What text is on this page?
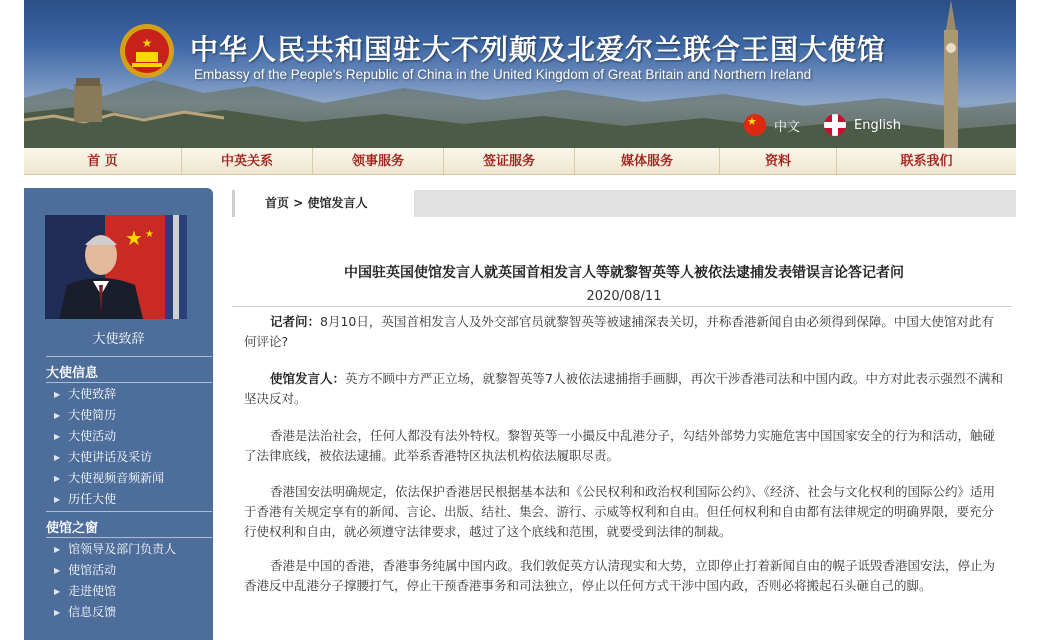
★ 中华人民共和国驻大不列颠及北爱尔兰联合王国大使馆
Embassy of the People's Republic of China in the United Kingdom of Great Britain and Northern Ireland
★
中文	English
首 页	中英关系	领事服务	签证服务	媒体服务	资料	联系我们
★ ★
大使致辞
大使信息
▶ 大使致辞
▶ 大使简历
▶ 大使活动
▶ 大使讲话及采访
▶ 大使视频音频新闻
▶ 历任大使
使馆之窗
▶ 馆领导及部门负责人
▶ 使馆活动
▶ 走进使馆
▶ 信息反馈
首页 > 使馆发言人
中国驻英国使馆发言人就英国首相发言人等就黎智英等人被依法逮捕发表错误言论答记者问
2020/08/11

记者问：8月10日，英国首相发言人及外交部官员就黎智英等被逮捕深表关切，并称香港新闻自由必须得到保障。中国大使馆对此有何评论?

使馆发言人：英方不顾中方严正立场，就黎智英等7人被依法逮捕指手画脚，再次干涉香港司法和中国内政。中方对此表示强烈不满和坚决反对。

香港是法治社会，任何人都没有法外特权。黎智英等一小撮反中乱港分子，勾结外部势力实施危害中国国家安全的行为和活动，触碰了法律底线，被依法逮捕。此举系香港特区执法机构依法履职尽责。

香港国安法明确规定，依法保护香港居民根据基本法和《公民权利和政治权利国际公约》、《经济、社会与文化权利的国际公约》适用于香港有关规定享有的新闻、言论、出版、结社、集会、游行、示威等权利和自由。但任何权利和自由都有法律规定的明确界限，要充分行使权利和自由，就必须遵守法律要求，越过了这个底线和范围，就要受到法律的制裁。

香港是中国的香港，香港事务纯属中国内政。我们敦促英方认清现实和大势，立即停止打着新闻自由的幌子诋毁香港国安法，停止为香港反中乱港分子撑腰打气，停止干预香港事务和司法独立，停止以任何方式干涉中国内政，否则必将搬起石头砸自己的脚。
